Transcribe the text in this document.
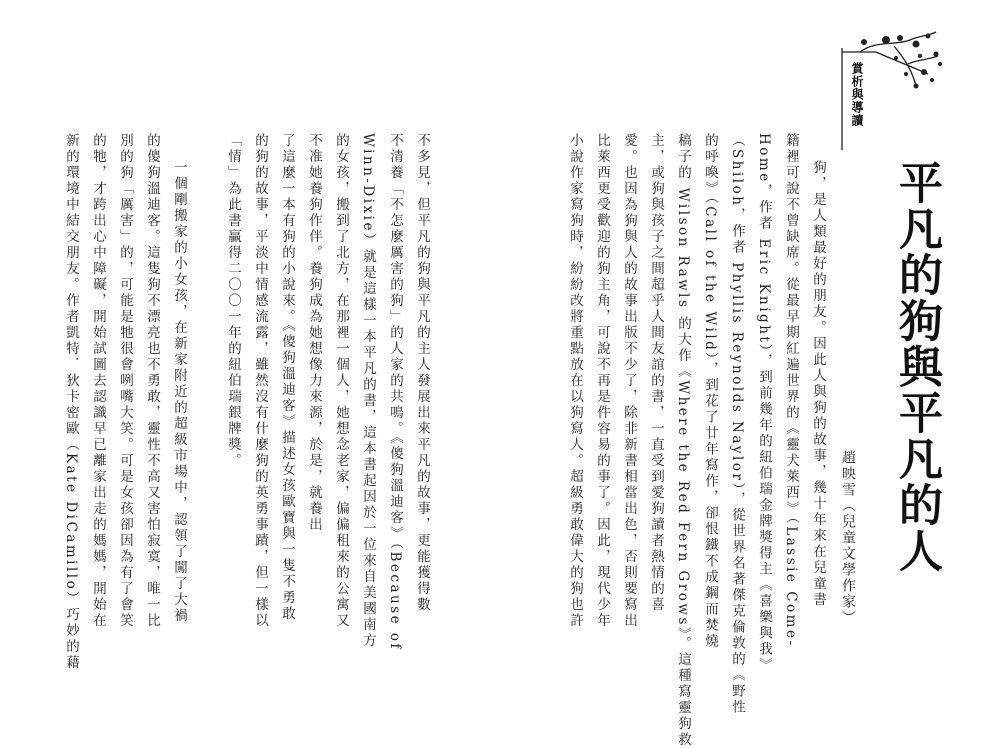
賞析與導讀
平凡的狗與平凡的人
趙映雪（兒童文學作家）
狗，是人類最好的朋友。因此人與狗的故事，幾十年來在兒童書
籍裡可說不曾缺席。從最早期紅遍世界的《靈犬萊西》（Lassie Come-
Home，作者 Eric Knight），到前幾年的紐伯瑞金牌獎得主《喜樂與我》
（Shiloh，作者 Phyllis Reynolds Naylor），從世界名著傑克倫敦的《野性
的呼喚》（Call of the Wild），到花了廿年寫作，卻恨鐵不成鋼而焚燒
稿子的 Wilson Rawls 的大作《Where the Red Fern Grows》。這種寫靈狗救
主，或狗與孩子之間超乎人間友誼的書，一直受到愛狗讀者熱情的喜
愛。也因為狗與人的故事出版不少了，除非新書相當出色，否則要寫出
比萊西更受歡迎的狗主角，可說不再是件容易的事了。因此，現代少年
小說作家寫狗時，紛紛改將重點放在以狗寫人。超級勇敢偉大的狗也許
不多見，但平凡的狗與平凡的主人發展出來平凡的故事，更能獲得數
不清養「不怎麼厲害的狗」的人家的共鳴。《傻狗溫迪客》（Because of
Winn-Dixie）就是這樣一本平凡的書，這本書起因於一位來自美國南方
的女孩，搬到了北方，在那裡一個人，她想念老家，偏偏租來的公寓又
不准她養狗作伴。養狗成為她想像力來源，於是，就養出
了這麼一本有狗的小說來。《傻狗溫迪客》描述女孩歐寶與一隻不勇敢
的狗的故事，平淡中情感流露，雖然沒有什麼狗的英勇事蹟，但一樣以
「情」為此書贏得二〇〇一年的紐伯瑞銀牌獎。
一個剛搬家的小女孩，在新家附近的超級市場中，認領了闖了大禍
的傻狗溫迪客。這隻狗不漂亮也不勇敢，靈性不高又害怕寂寞，唯一比
別的狗「厲害」的，可能是牠很會咧嘴大笑。可是女孩卻因為有了會笑
的牠，才跨出心中障礙，開始試圖去認識早已離家出走的媽媽，開始在
新的環境中結交朋友。作者凱特．狄卡密歐（Kate DiCamillo）巧妙的藉
